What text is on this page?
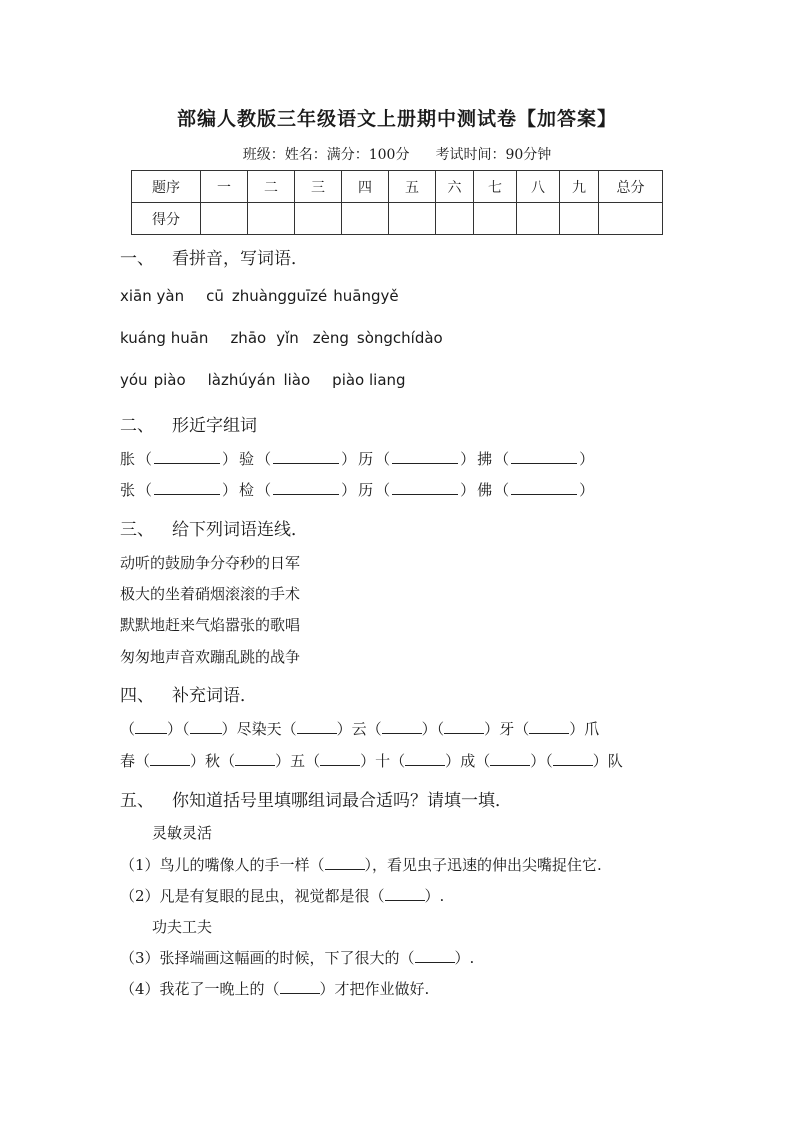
部编人教版三年级语文上册期中测试卷【加答案】
班级：姓名：满分：100分 考试时间：90分钟
题序	一	二	三	四	五	六	七	八	九	总分
得分										
一、 看拼音，写词语．
xiān yàn cū zhuàngguīzé huāngyě
kuáng huān zhāo yǐn zèng sòngchídào
yóu piào làzhúyán liào piào liang
二、 形近字组词
胀 （	） 验 （	） 历 （	） 拂 （	）
张 （	） 检 （	） 历 （	） 佛 （	）
三、 给下列词语连线．
动听的鼓励争分夺秒的日军
极大的坐着硝烟滚滚的手术
默默地赶来气焰嚣张的歌唱
匆匆地声音欢蹦乱跳的战争
四、 补充词语．
（ ）（ ）尽染天（	）云（	）（	）牙（	）爪
春（	）秋（	）五（	）十（	）成（	）（	）队
五、 你知道括号里填哪组词最合适吗？请填一填．
灵敏灵活
（1）鸟儿的嘴像人的手一样（	），看见虫子迅速的伸出尖嘴捉住它.
（2）凡是有复眼的昆虫，视觉都是很（	）.
功夫工夫
（3）张择端画这幅画的时候，下了很大的（	）.
（4）我花了一晚上的（	）才把作业做好.
